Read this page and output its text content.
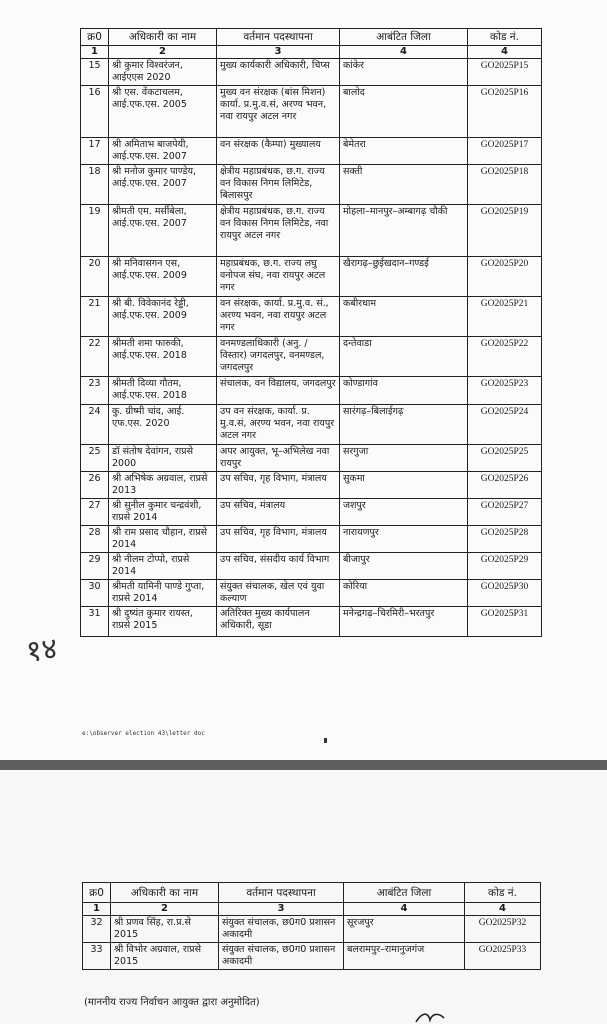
क्र0	अधिकारी का नाम	वर्तमान पदस्थापना	आबंटित जिला	कोड नं.
1	2	3	4	4
15	श्री कुमार विश्वरंजन, आईएएस 2020	मुख्य कार्यकारी अधिकारी, चिप्स	कांकेर	GO2025P15
16	श्री एस. वेंकटाचलम, आई.एफ.एस. 2005	मुख्य वन संरक्षक (बांस मिशन) कार्या. प्र.मु.व.सं, अरण्य भवन, नवा रायपुर अटल नगर	बालोद	GO2025P16
17	श्री अमिताभ बाजपेयी, आई.एफ.एस. 2007	वन संरक्षक (कैम्पा) मुख्यालय	बेमेतरा	GO2025P17
18	श्री मनोज कुमार पाण्डेय, आई.एफ.एस. 2007	क्षेत्रीय महाप्रबंधक, छ.ग. राज्य वन विकास निगम लिमिटेड, बिलासपुर	सक्ती	GO2025P18
19	श्रीमती एम. मर्सीबेला, आई.एफ.एस. 2007	क्षेत्रीय महाप्रबंधक, छ.ग. राज्य वन विकास निगम लिमिटेड, नवा रायपुर अटल नगर	मोहला–मानपुर–अम्बागढ़ चौकी	GO2025P19
20	श्री मनिवासगन एस, आई.एफ.एस. 2009	महाप्रबंधक, छ.ग. राज्य लघु वनोपज संघ, नवा रायपुर अटल नगर	खैरागढ़–छुईखदान–गण्डई	GO2025P20
21	श्री बी. विवेकानंद रेड्डी, आई.एफ.एस. 2009	वन संरक्षक, कार्या. प्र.मु.व. सं., अरण्य भवन, नवा रायपुर अटल नगर	कबीरधाम	GO2025P21
22	श्रीमती शमा फारुकी, आई.एफ.एस. 2018	वनमण्डलाधिकारी (अनु. / विस्तार) जगदलपुर, वनमण्डल, जगदलपुर	दन्तेवाडा	GO2025P22
23	श्रीमती दिव्या गौतम, आई.एफ.एस. 2018	संचालक, वन विद्यालय, जगदलपुर	कोण्डागांव	GO2025P23
24	कु. ग्रीष्मी चांद, आई. एफ.एस. 2020	उप वन संरक्षक, कार्या. प्र. मु.व.सं, अरण्य भवन, नवा रायपुर अटल नगर	सारंगढ़–बिलाईगढ़	GO2025P24
25	डॉ संतोष देवांगन, राप्रसे 2000	अपर आयुक्त, भू–अभिलेख नवा रायपुर	सरगुजा	GO2025P25
26	श्री अभिषेक अग्रवाल, राप्रसे 2013	उप सचिव, गृह विभाग, मंत्रालय	सुकमा	GO2025P26
27	श्री सुनील कुमार चन्द्रवंशी, राप्रसे 2014	उप सचिव, मंत्रालय	जशपुर	GO2025P27
28	श्री राम प्रसाद चौहान, राप्रसे 2014	उप सचिव, गृह विभाग, मंत्रालय	नारायणपुर	GO2025P28
29	श्री नीलम टोप्पो, राप्रसे 2014	उप सचिव, संसदीय कार्य विभाग	बीजापुर	GO2025P29
30	श्रीमती यामिनी पाण्डे गुप्ता, राप्रसे 2014	संयुक्त संचालक, खेल एवं युवा कल्याण	कोरिया	GO2025P30
31	श्री दुष्यंत कुमार रायस्त, राप्रसे 2015	अतिरिक्त मुख्य कार्यपालन अधिकारी, सूडा	मनेन्द्रगढ़–चिरमिरी–भरतपुर	GO2025P31
१४
e:\observer election 43\letter doc
क्र0	अधिकारी का नाम	वर्तमान पदस्थापना	आबंटित जिला	कोड नं.
1	2	3	4	4
32	श्री प्रणव सिंह, रा.प्र.से 2015	संयुक्त संचालक, छ0ग0 प्रशासन अकादमी	सूरजपुर	GO2025P32
33	श्री विभोर अग्रवाल, राप्रसे 2015	संयुक्त संचालक, छ0ग0 प्रशासन अकादमी	बलरामपुर–रामानुजगंज	GO2025P33
(माननीय राज्य निर्वाचन आयुक्त द्वारा अनुमोदित)
